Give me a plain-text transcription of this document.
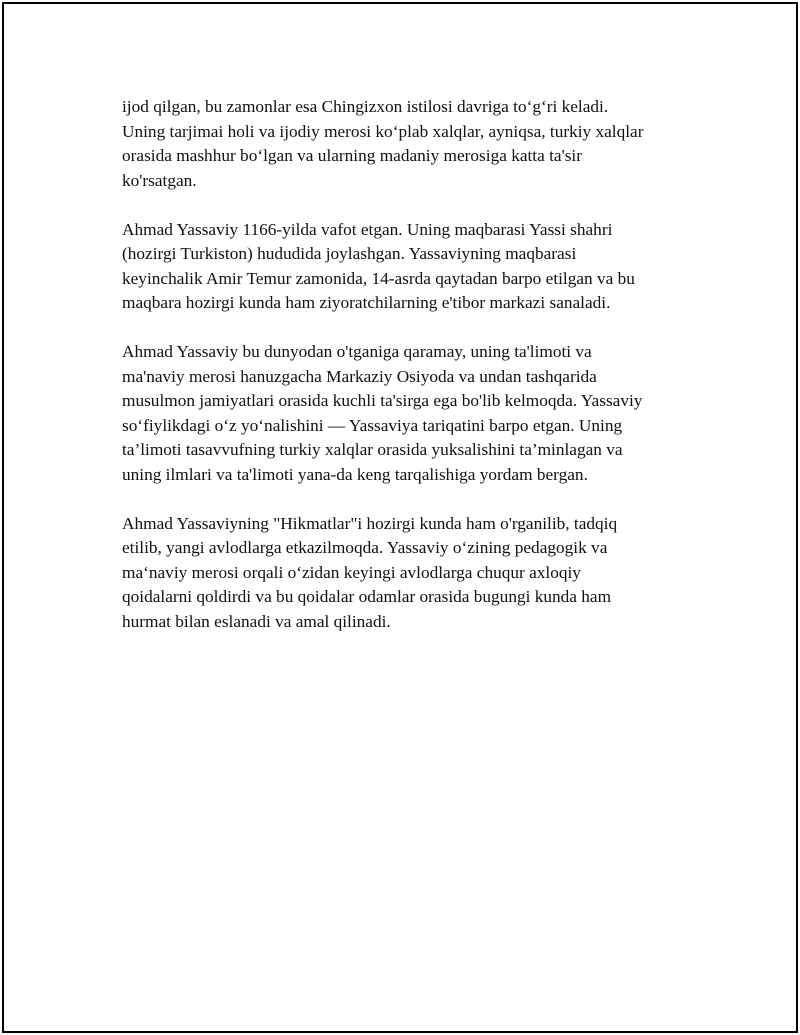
ijod qilgan, bu zamonlar esa Chingizxon istilosi davriga to‘g‘ri keladi.
Uning tarjimai holi va ijodiy merosi ko‘plab xalqlar, ayniqsa, turkiy xalqlar
orasida mashhur bo‘lgan va ularning madaniy merosiga katta ta'sir
ko'rsatgan.

Ahmad Yassaviy 1166-yilda vafot etgan. Uning maqbarasi Yassi shahri
(hozirgi Turkiston) hududida joylashgan. Yassaviyning maqbarasi
keyinchalik Amir Temur zamonida, 14-asrda qaytadan barpo etilgan va bu
maqbara hozirgi kunda ham ziyoratchilarning e'tibor markazi sanaladi.

Ahmad Yassaviy bu dunyodan o'tganiga qaramay, uning ta'limoti va
ma'naviy merosi hanuzgacha Markaziy Osiyoda va undan tashqarida
musulmon jamiyatlari orasida kuchli ta'sirga ega bo'lib kelmoqda. Yassaviy
so‘fiylikdagi o‘z yo‘nalishini — Yassaviya tariqatini barpo etgan. Uning
ta’limoti tasavvufning turkiy xalqlar orasida yuksalishini ta’minlagan va
uning ilmlari va ta'limoti yana-da keng tarqalishiga yordam bergan.

Ahmad Yassaviyning "Hikmatlar"i hozirgi kunda ham o'rganilib, tadqiq
etilib, yangi avlodlarga etkazilmoqda. Yassaviy o‘zining pedagogik va
ma‘naviy merosi orqali o‘zidan keyingi avlodlarga chuqur axloqiy
qoidalarni qoldirdi va bu qoidalar odamlar orasida bugungi kunda ham
hurmat bilan eslanadi va amal qilinadi.
